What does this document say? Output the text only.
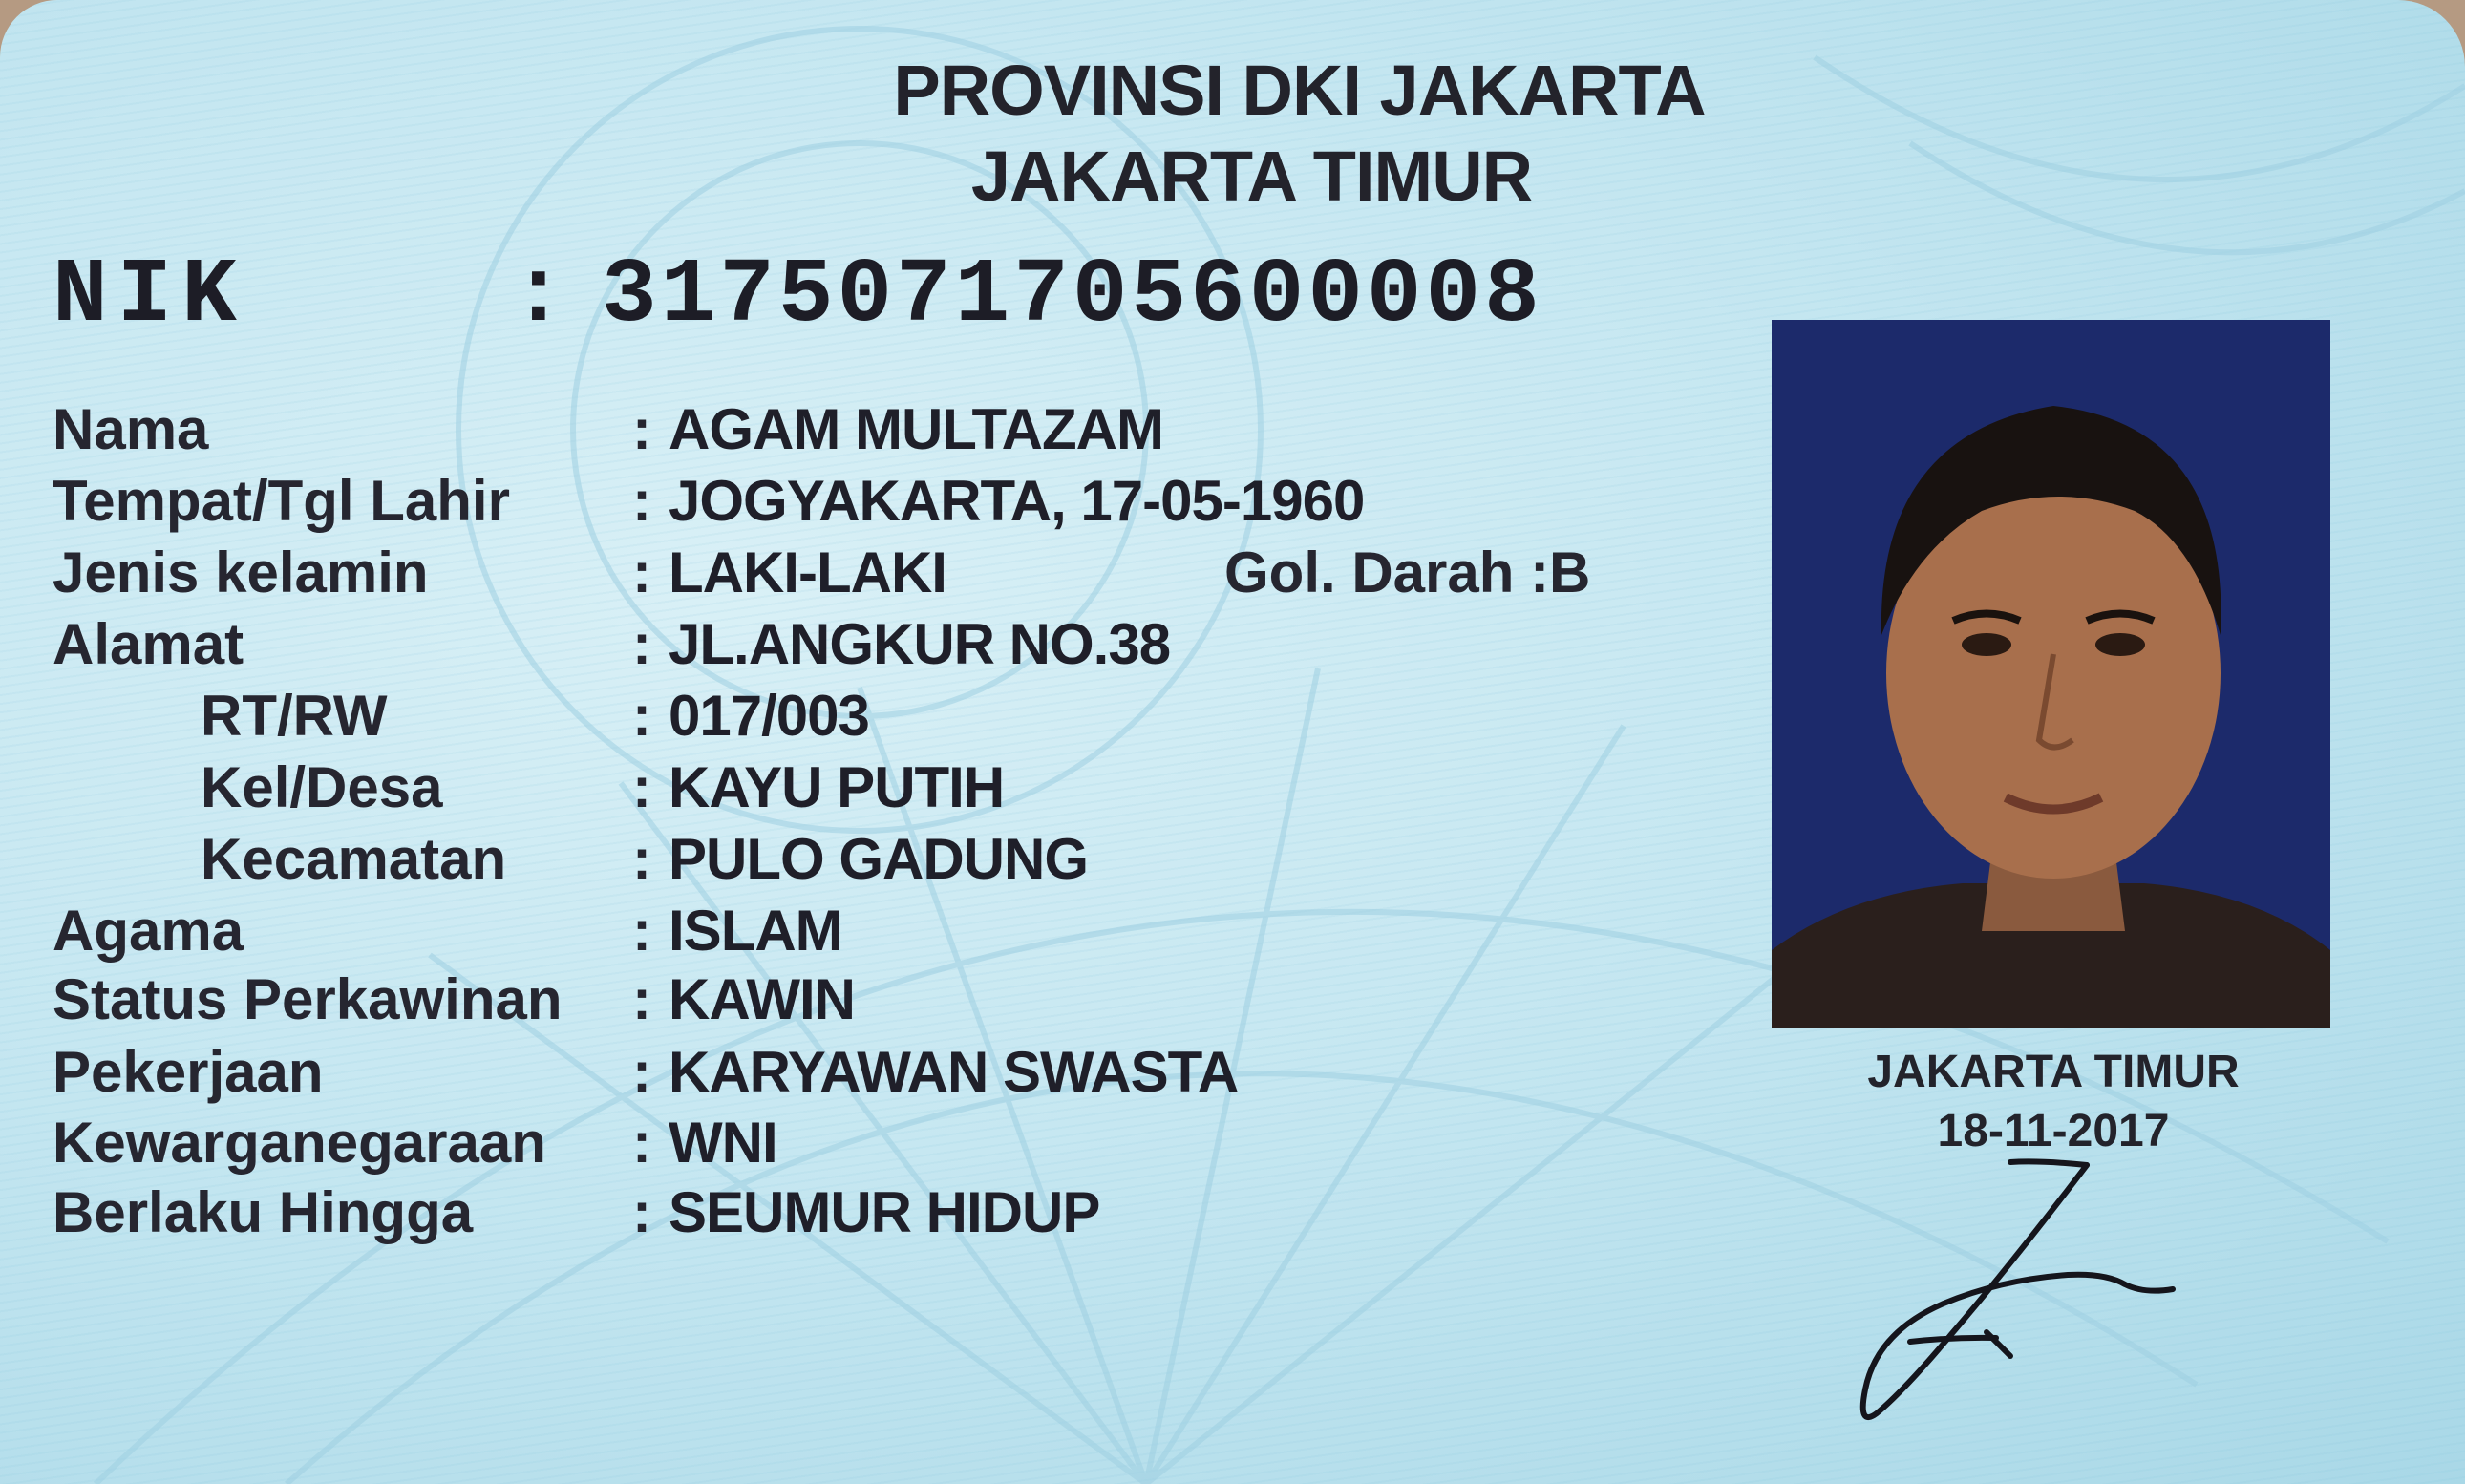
PROVINSI DKI JAKARTA
JAKARTA TIMUR
NIK	: 3175071705600008
Nama	: AGAM MULTAZAM
Tempat/Tgl Lahir : JOGYAKARTA, 17-05-1960
Jenis kelamin	: LAKI-LAKI	Gol. Darah :B
Alamat	: JL.ANGKUR NO.38
RT/RW	: 017/003
Kel/Desa	: KAYU PUTIH
Kecamatan : PULO GADUNG
Agama	: ISLAM
Status Perkawinan : KAWIN
Pekerjaan	: KARYAWAN SWASTA
Kewarganegaraan : WNI
Berlaku Hingga	: SEUMUR HIDUP
JAKARTA TIMUR
18-11-2017
